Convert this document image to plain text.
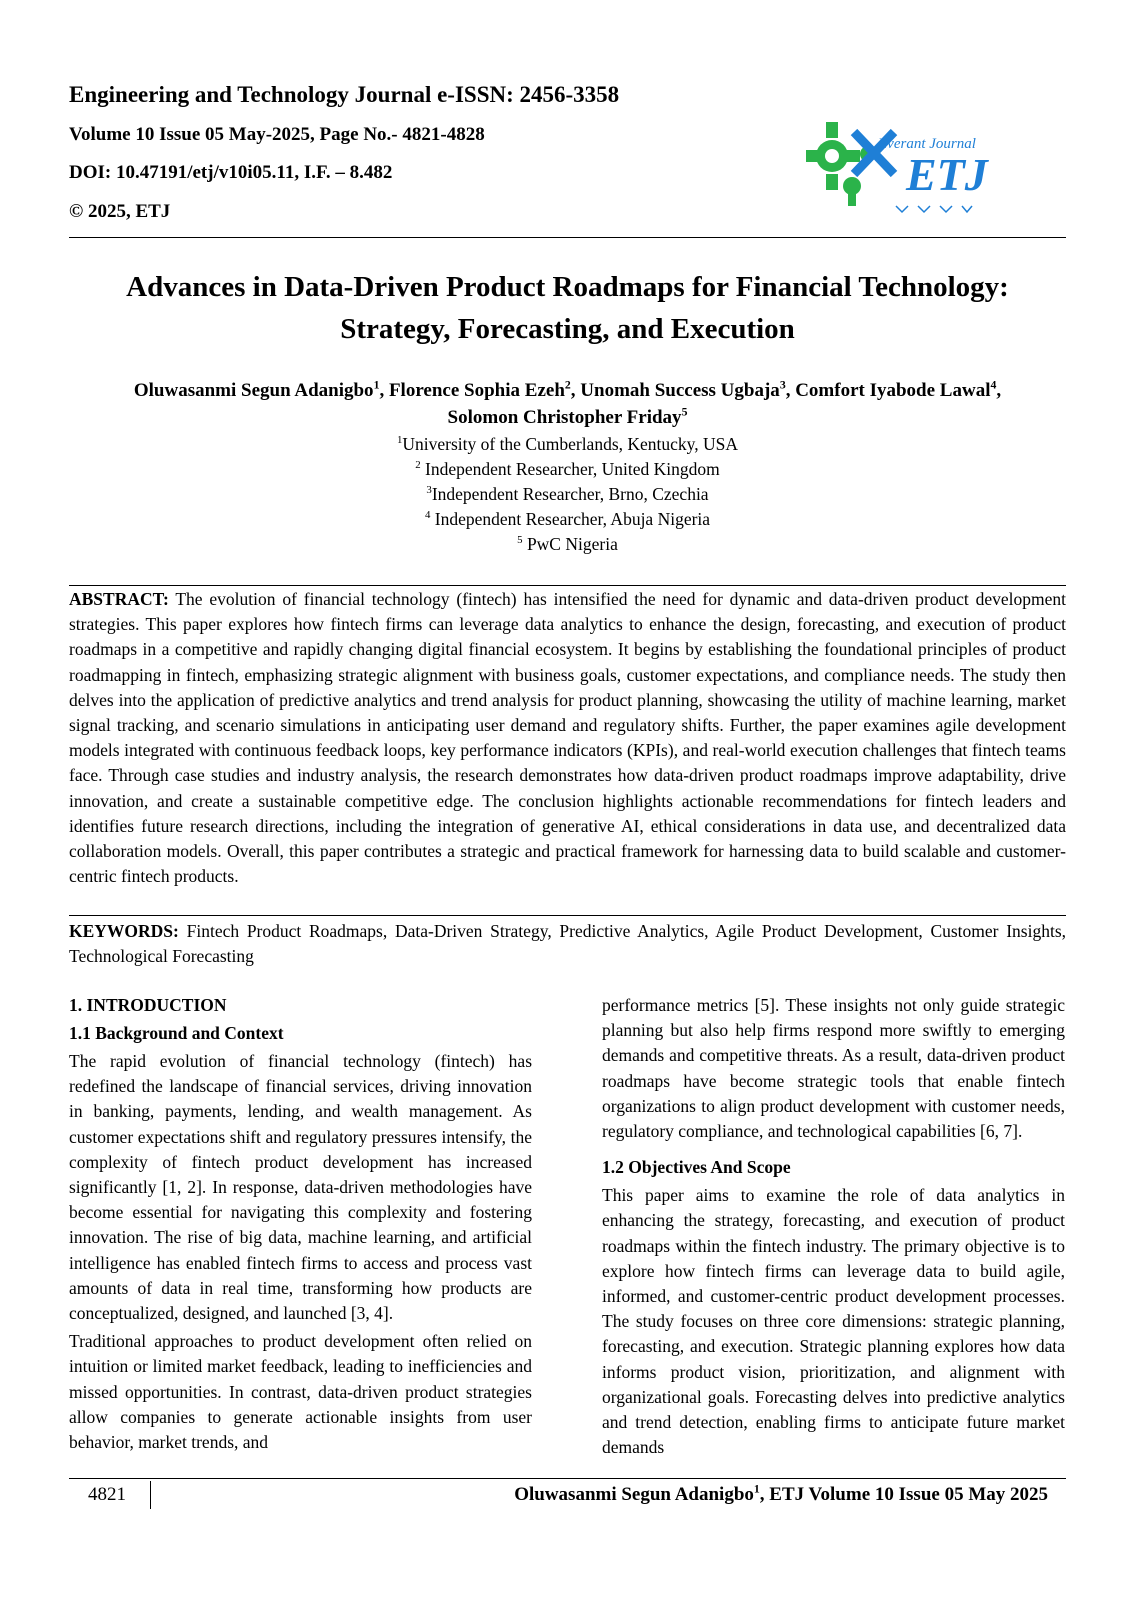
Engineering and Technology Journal e-ISSN: 2456-3358

Volume 10 Issue 05 May-2025, Page No.- 4821-4828

DOI: 10.47191/etj/v10i05.11, I.F. – 8.482

© 2025, ETJ

Everant Journal
ETJ
Advances in Data-Driven Product Roadmaps for Financial Technology:
Strategy, Forecasting, and Execution
Oluwasanmi Segun Adanigbo$^1$, Florence Sophia Ezeh$^2$, Unomah Success Ugbaja$^3$, Comfort Iyabode Lawal$^4$,
Solomon Christopher Friday$^5$
$^1$University of the Cumberlands, Kentucky, USA
$^2$ Independent Researcher, United Kingdom
$^3$Independent Researcher, Brno, Czechia
$^4$ Independent Researcher, Abuja Nigeria
$^5$ PwC Nigeria

ABSTRACT: The evolution of financial technology (fintech) has intensified the need for dynamic and data-driven product development strategies. This paper explores how fintech firms can leverage data analytics to enhance the design, forecasting, and execution of product roadmaps in a competitive and rapidly changing digital financial ecosystem. It begins by establishing the foundational principles of product roadmapping in fintech, emphasizing strategic alignment with business goals, customer expectations, and compliance needs. The study then delves into the application of predictive analytics and trend analysis for product planning, showcasing the utility of machine learning, market signal tracking, and scenario simulations in anticipating user demand and regulatory shifts. Further, the paper examines agile development models integrated with continuous feedback loops, key performance indicators (KPIs), and real-world execution challenges that fintech teams face. Through case studies and industry analysis, the research demonstrates how data-driven product roadmaps improve adaptability, drive innovation, and create a sustainable competitive edge. The conclusion highlights actionable recommendations for fintech leaders and identifies future research directions, including the integration of generative AI, ethical considerations in data use, and decentralized data collaboration models. Overall, this paper contributes a strategic and practical framework for harnessing data to build scalable and customer-centric fintech products.

KEYWORDS: Fintech Product Roadmaps, Data-Driven Strategy, Predictive Analytics, Agile Product Development, Customer Insights, Technological Forecasting

1. INTRODUCTION

1.1 Background and Context

The rapid evolution of financial technology (fintech) has redefined the landscape of financial services, driving innovation in banking, payments, lending, and wealth management. As customer expectations shift and regulatory pressures intensify, the complexity of fintech product development has increased significantly [1, 2]. In response, data-driven methodologies have become essential for navigating this complexity and fostering innovation. The rise of big data, machine learning, and artificial intelligence has enabled fintech firms to access and process vast amounts of data in real time, transforming how products are conceptualized, designed, and launched [3, 4].

Traditional approaches to product development often relied on intuition or limited market feedback, leading to inefficiencies and missed opportunities. In contrast, data-driven product strategies allow companies to generate actionable insights from user behavior, market trends, and

performance metrics [5]. These insights not only guide strategic planning but also help firms respond more swiftly to emerging demands and competitive threats. As a result, data-driven product roadmaps have become strategic tools that enable fintech organizations to align product development with customer needs, regulatory compliance, and technological capabilities [6, 7].

1.2 Objectives And Scope

This paper aims to examine the role of data analytics in enhancing the strategy, forecasting, and execution of product roadmaps within the fintech industry. The primary objective is to explore how fintech firms can leverage data to build agile, informed, and customer-centric product development processes. The study focuses on three core dimensions: strategic planning, forecasting, and execution. Strategic planning explores how data informs product vision, prioritization, and alignment with organizational goals. Forecasting delves into predictive analytics and trend detection, enabling firms to anticipate future market demands

4821	Oluwasanmi Segun Adanigbo$^1$, ETJ Volume 10 Issue 05 May 2025
